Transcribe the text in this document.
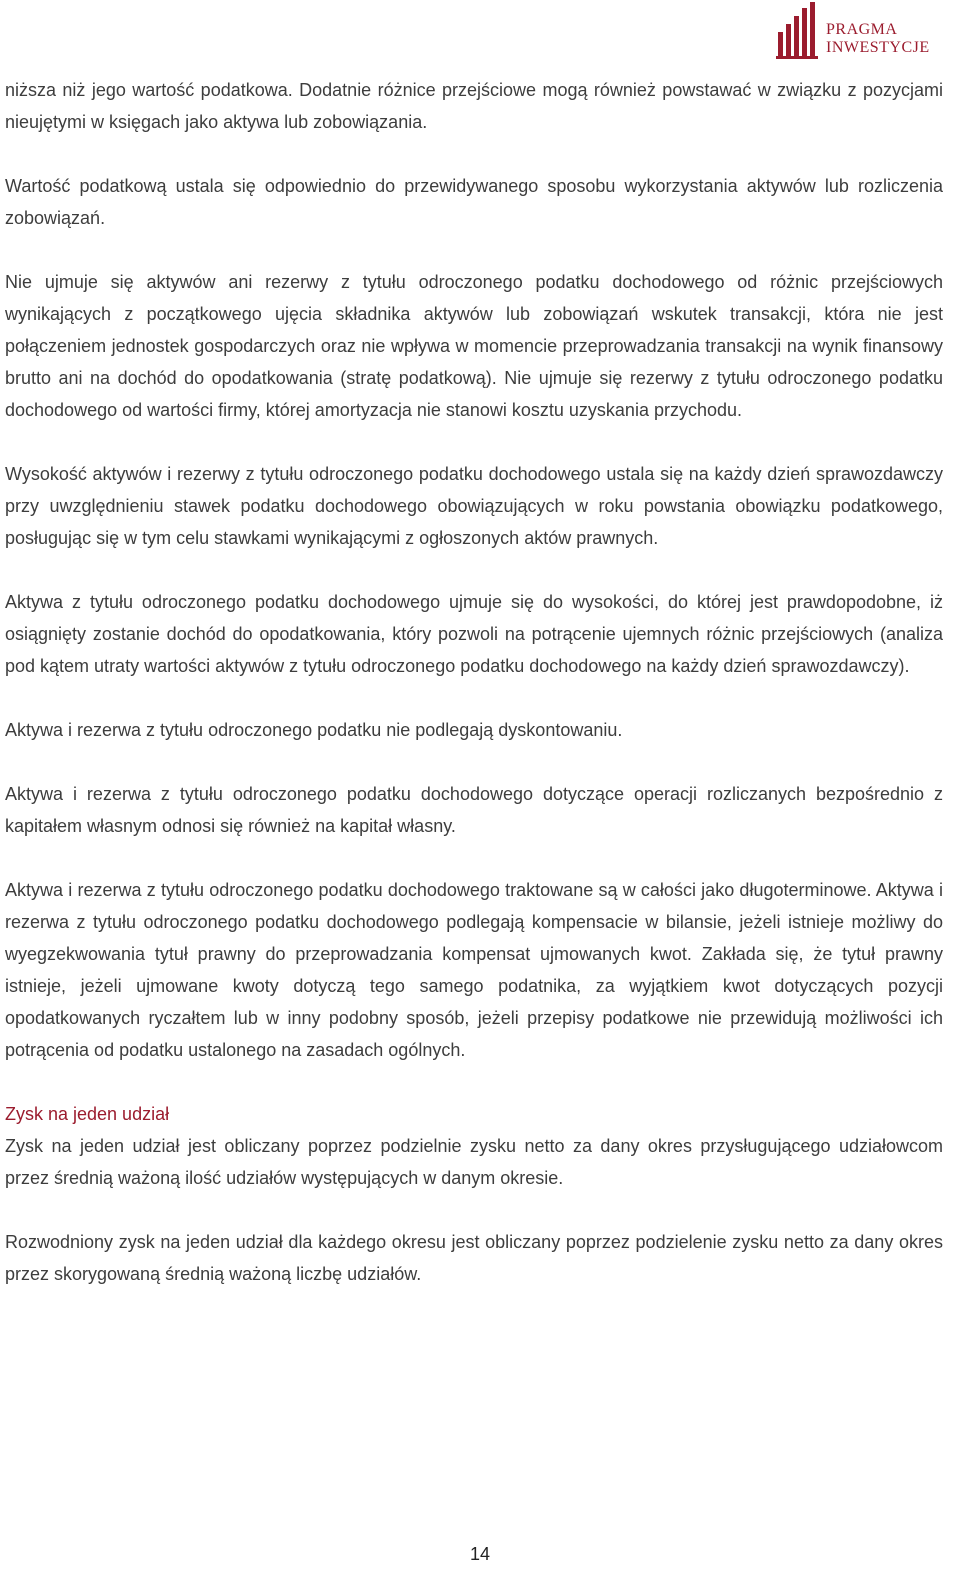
PRAGMA
INWESTYCJE

niższa niż jego wartość podatkowa. Dodatnie różnice przejściowe mogą również powstawać w związku z pozycjami nieujętymi w księgach jako aktywa lub zobowiązania.

Wartość podatkową ustala się odpowiednio do przewidywanego sposobu wykorzystania aktywów lub rozliczenia zobowiązań.

Nie ujmuje się aktywów ani rezerwy z tytułu odroczonego podatku dochodowego od różnic przejściowych wynikających z początkowego ujęcia składnika aktywów lub zobowiązań wskutek transakcji, która nie jest połączeniem jednostek gospodarczych oraz nie wpływa w momencie przeprowadzania transakcji na wynik finansowy brutto ani na dochód do opodatkowania (stratę podatkową). Nie ujmuje się rezerwy z tytułu odroczonego podatku dochodowego od wartości firmy, której amortyzacja nie stanowi kosztu uzyskania przychodu.

Wysokość aktywów i rezerwy z tytułu odroczonego podatku dochodowego ustala się na każdy dzień sprawozdawczy przy uwzględnieniu stawek podatku dochodowego obowiązujących w roku powstania obowiązku podatkowego, posługując się w tym celu stawkami wynikającymi z ogłoszonych aktów prawnych.

Aktywa z tytułu odroczonego podatku dochodowego ujmuje się do wysokości, do której jest prawdopodobne, iż osiągnięty zostanie dochód do opodatkowania, który pozwoli na potrącenie ujemnych różnic przejściowych (analiza pod kątem utraty wartości aktywów z tytułu odroczonego podatku dochodowego na każdy dzień sprawozdawczy).

Aktywa i rezerwa z tytułu odroczonego podatku nie podlegają dyskontowaniu.

Aktywa i rezerwa z tytułu odroczonego podatku dochodowego dotyczące operacji rozliczanych bezpośrednio z kapitałem własnym odnosi się również na kapitał własny.

Aktywa i rezerwa z tytułu odroczonego podatku dochodowego traktowane są w całości jako długoterminowe. Aktywa i rezerwa z tytułu odroczonego podatku dochodowego podlegają kompensacie w bilansie, jeżeli istnieje możliwy do wyegzekwowania tytuł prawny do przeprowadzania kompensat ujmowanych kwot. Zakłada się, że tytuł prawny istnieje, jeżeli ujmowane kwoty dotyczą tego samego podatnika, za wyjątkiem kwot dotyczących pozycji opodatkowanych ryczałtem lub w inny podobny sposób, jeżeli przepisy podatkowe nie przewidują możliwości ich potrącenia od podatku ustalonego na zasadach ogólnych.

Zysk na jeden udział

Zysk na jeden udział jest obliczany poprzez podzielnie zysku netto za dany okres przysługującego udziałowcom przez średnią ważoną ilość udziałów występujących w danym okresie.

Rozwodniony zysk na jeden udział dla każdego okresu jest obliczany poprzez podzielenie zysku netto za dany okres przez skorygowaną średnią ważoną liczbę udziałów.

14
